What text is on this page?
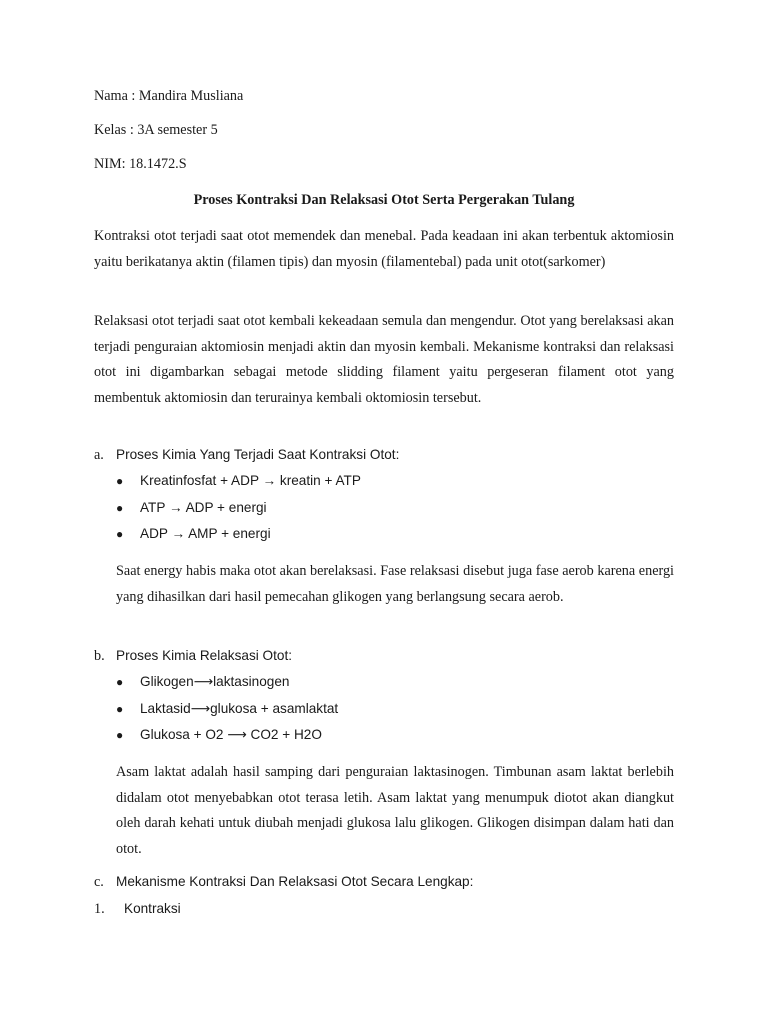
Nama : Mandira Musliana
Kelas : 3A semester 5
NIM: 18.1472.S
Proses Kontraksi Dan Relaksasi Otot Serta Pergerakan Tulang
Kontraksi otot terjadi saat otot memendek dan menebal. Pada keadaan ini akan terbentuk aktomiosin yaitu berikatanya aktin (filamen tipis) dan myosin (filamentebal) pada unit otot(sarkomer)
Relaksasi otot terjadi saat otot kembali kekeadaan semula dan mengendur. Otot yang berelaksasi akan terjadi penguraian aktomiosin menjadi aktin dan myosin kembali. Mekanisme kontraksi dan relaksasi otot ini digambarkan sebagai metode slidding filament yaitu pergeseran filament otot yang membentuk aktomiosin dan terurainya kembali oktomiosin tersebut.
a. Proses Kimia Yang Terjadi Saat Kontraksi Otot:
● Kreatinfosfat + ADP → kreatin + ATP
● ATP → ADP + energi
● ADP → AMP + energi
Saat energy habis maka otot akan berelaksasi. Fase relaksasi disebut juga fase aerob karena energi yang dihasilkan dari hasil pemecahan glikogen yang berlangsung secara aerob.
b. Proses Kimia Relaksasi Otot:
● Glikogen⟶laktasinogen
● Laktasid⟶glukosa + asamlaktat
● Glukosa + O2 ⟶ CO2 + H2O
Asam laktat adalah hasil samping dari penguraian laktasinogen. Timbunan asam laktat berlebih didalam otot menyebabkan otot terasa letih. Asam laktat yang menumpuk diotot akan diangkut oleh darah kehati untuk diubah menjadi glukosa lalu glikogen. Glikogen disimpan dalam hati dan otot.
c. Mekanisme Kontraksi Dan Relaksasi Otot Secara Lengkap:
1. Kontraksi
